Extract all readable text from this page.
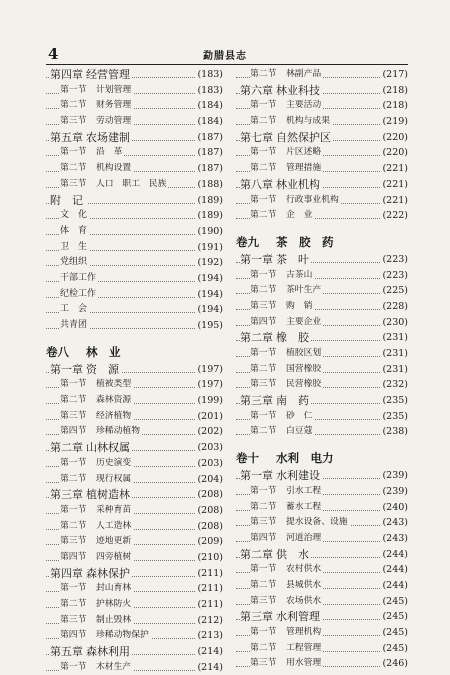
4	勐腊县志
第四章 经营管理	(183)
第一节 计划管理	(183)
第二节 财务管理	(184)
第三节 劳动管理	(184)
第五章 农场建制	(187)
第一节 沿　革	(187)
第二节 机构设置	(187)
第三节 人口　职工　民族	(188)
附　记	(189)
文　化	(189)
体　育	(190)
卫　生	(191)
党组织	(192)
干部工作	(194)
纪检工作	(194)
工　会	(194)
共青团	(195)
卷八 林　业
第一章 资　源	(197)
第一节 植被类型	(197)
第二节 森林资源	(199)
第三节 经济植物	(201)
第四节 珍稀动植物	(202)
第二章 山林权属	(203)
第一节 历史演变	(203)
第二节 现行权属	(204)
第三章 植树造林	(208)
第一节 采种育苗	(208)
第二节 人工造林	(208)
第三节 迹地更新	(209)
第四节 四旁植树	(210)
第四章 森林保护	(211)
第一节 封山育林	(211)
第二节 护林防火	(211)
第三节 制止毁林	(212)
第四节 珍稀动物保护	(213)
第五章 森林利用	(214)
第一节 木材生产	(214)
第二节 林副产品	(217)
第六章 林业科技	(218)
第一节 主要活动	(218)
第二节 机构与成果	(219)
第七章 自然保护区	(220)
第一节 片区述略	(220)
第二节 管理措施	(221)
第八章 林业机构	(221)
第一节 行政事业机构	(221)
第二节 企　业	(222)
卷九 茶　胶　药
第一章 茶　叶	(223)
第一节 古茶山	(223)
第二节 茶叶生产	(225)
第三节 购　销	(228)
第四节 主要企业	(230)
第二章 橡　胶	(231)
第一节 植胶区划	(231)
第二节 国营橡胶	(231)
第三节 民营橡胶	(232)
第三章 南　药	(235)
第一节 砂　仁	(235)
第二节 白豆蔻	(238)
卷十 水利　电力
第一章 水利建设	(239)
第一节 引水工程	(239)
第二节 蓄水工程	(240)
第三节 提水设备、设施	(243)
第四节 河道治理	(243)
第二章 供　水	(244)
第一节 农村供水	(244)
第二节 县城供水	(244)
第三节 农场供水	(245)
第三章 水利管理	(245)
第一节 管理机构	(245)
第二节 工程管理	(245)
第三节 用水管理	(246)
